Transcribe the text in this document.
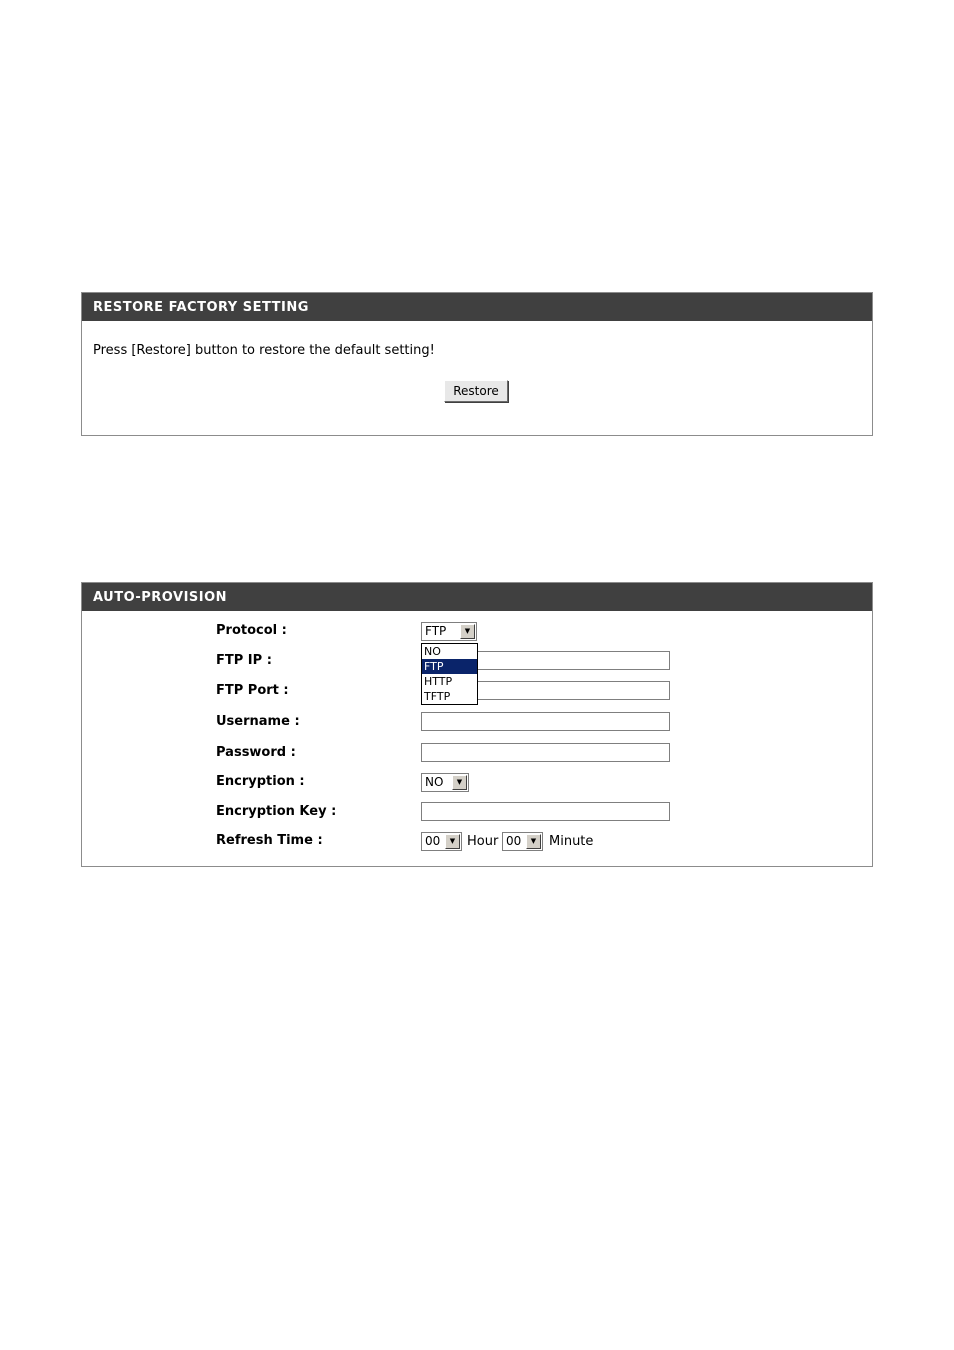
RESTORE FACTORY SETTING
Press [Restore] button to restore the default setting!
Restore
AUTO-PROVISION
Protocol :	FTP	▼
NO
FTP
HTTP
TFTP
FTP IP :
FTP Port :
Username :
Password :
Encryption :	NO	▼
Encryption Key :
Refresh Time :	00	▼ Hour 00	▼ Minute
